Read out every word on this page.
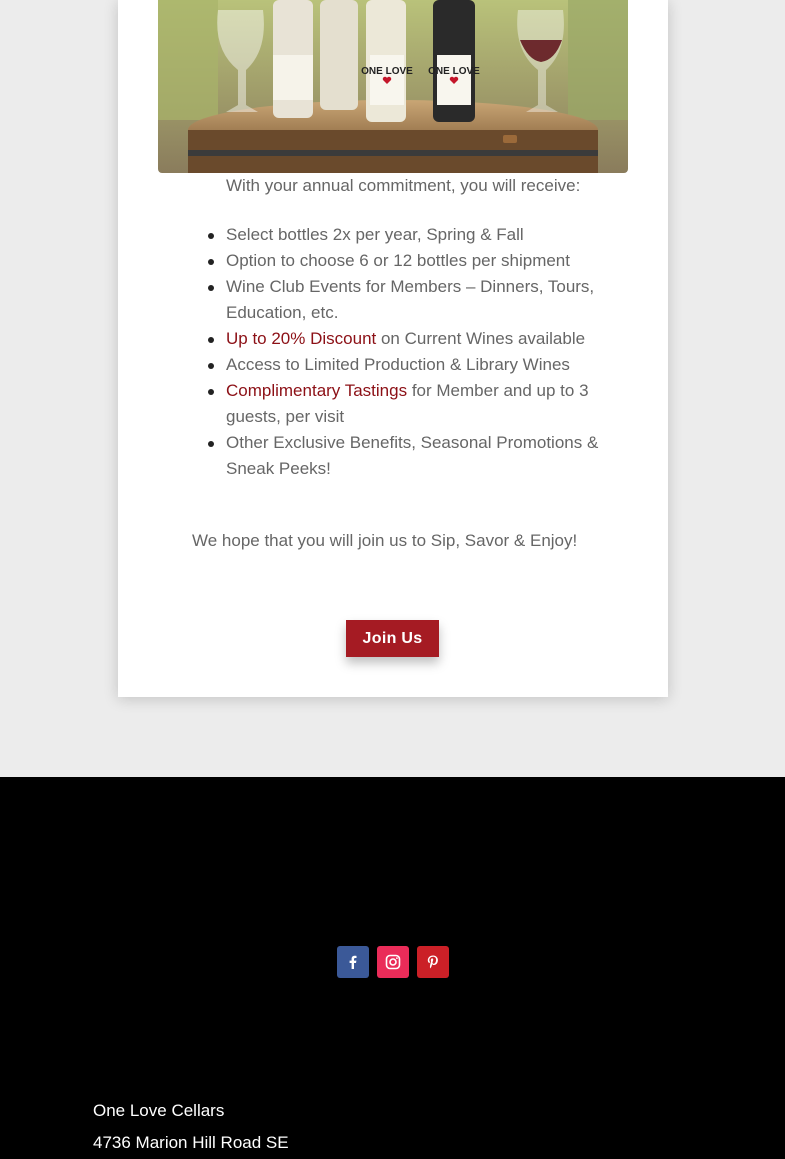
ONE LOVE ONE LOVE

With your annual commitment, you will receive:

Select bottles 2x per year, Spring & Fall
Option to choose 6 or 12 bottles per shipment
Wine Club Events for Members – Dinners, Tours, Education, etc.
Up to 20% Discount on Current Wines available
Access to Limited Production & Library Wines
Complimentary Tastings for Member and up to 3 guests, per visit
Other Exclusive Benefits, Seasonal Promotions & Sneak Peeks!

We hope that you will join us to Sip, Savor & Enjoy!

Join Us

One Love Cellars

4736 Marion Hill Road SE
